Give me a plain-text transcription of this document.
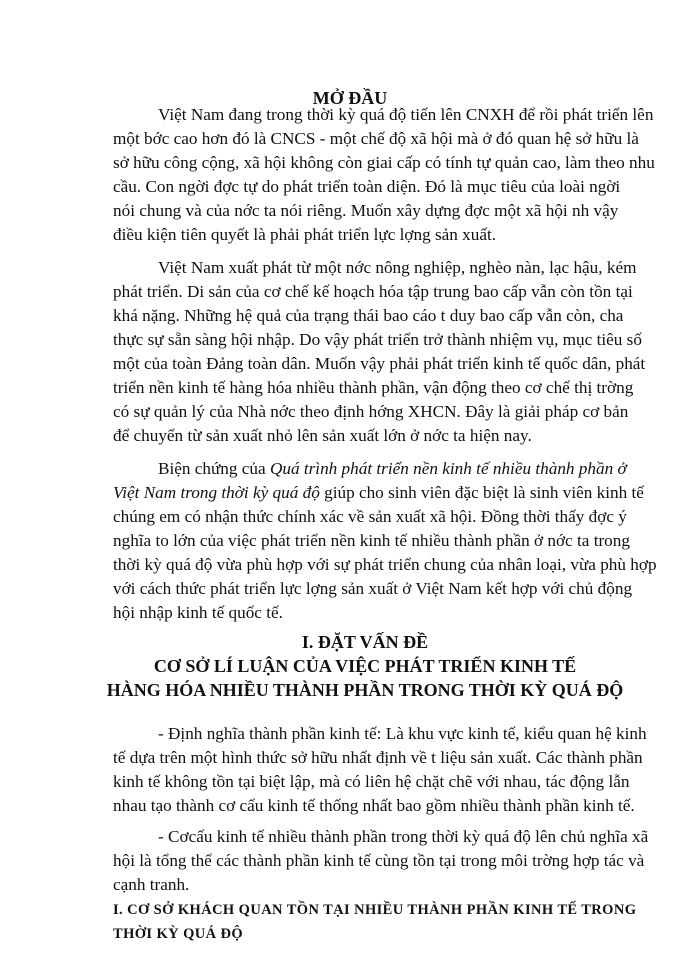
MỞ ĐẦU
Việt Nam đang trong thời kỳ quá độ tiến lên CNXH để rồi phát triển lên
một bớc cao hơn đó là CNCS - một chế độ xã hội mà ở đó quan hệ sở hữu là
sở hữu công cộng, xã hội không còn giai cấp có tính tự quản cao, làm theo nhu
cầu. Con ngời đợc tự do phát triển toàn diện. Đó là mục tiêu của loài ngời
nói chung và của nớc ta nói riêng. Muốn xây dựng đợc một xã hội nh vậy
điều kiện tiên quyết là phải phát triển lực lợng sản xuất.
Việt Nam xuất phát từ một nớc nông nghiệp, nghèo nàn, lạc hậu, kém
phát triển. Di sản của cơ chế kế hoạch hóa tập trung bao cấp vẫn còn tồn tại
khá nặng. Những hệ quả của trạng thái bao cáo t duy bao cấp vẫn còn, cha
thực sự sẵn sàng hội nhập. Do vậy phát triển trở thành nhiệm vụ, mục tiêu số
một của toàn Đảng toàn dân. Muốn vậy phải phát triển kinh tế quốc dân, phát
triển nền kinh tế hàng hóa nhiều thành phần, vận động theo cơ chế thị trờng
có sự quản lý của Nhà nớc theo định hớng XHCN. Đây là giải pháp cơ bản
để chuyển từ sản xuất nhỏ lên sản xuất lớn ở nớc ta hiện nay.
Biện chứng của Quá trình phát triển nền kinh tế nhiều thành phần ở
Việt Nam trong thời kỳ quá độ giúp cho sinh viên đặc biệt là sinh viên kinh tế
chúng em có nhận thức chính xác về sản xuất xã hội. Đồng thời thấy đợc ý
nghĩa to lớn của việc phát triển nền kinh tế nhiều thành phần ở nớc ta trong
thời kỳ quá độ vừa phù hợp với sự phát triển chung của nhân loại, vừa phù hợp
với cách thức phát triển lực lợng sản xuất ở Việt Nam kết hợp với chủ động
hội nhập kinh tế quốc tế.
I. ĐẶT VẤN ĐỀ
CƠ SỞ LÍ LUẬN CỦA VIỆC PHÁT TRIỂN KINH TẾ
HÀNG HÓA NHIỀU THÀNH PHẦN TRONG THỜI KỲ QUÁ ĐỘ
- Định nghĩa thành phần kinh tế: Là khu vực kinh tế, kiểu quan hệ kinh
tế dựa trên một hình thức sở hữu nhất định về t liệu sản xuất. Các thành phần
kinh tế không tồn tại biệt lập, mà có liên hệ chặt chẽ với nhau, tác động lẫn
nhau tạo thành cơ cấu kinh tế thống nhất bao gồm nhiều thành phần kinh tế.
- Cơcấu kinh tế nhiều thành phần trong thời kỳ quá độ lên chủ nghĩa xã
hội là tổng thể các thành phần kinh tế cùng tồn tại trong môi trờng hợp tác và
cạnh tranh.
I. CƠ SỞ KHÁCH QUAN TỒN TẠI NHIỀU THÀNH PHẦN KINH TẾ TRONG
THỜI KỲ QUÁ ĐỘ
